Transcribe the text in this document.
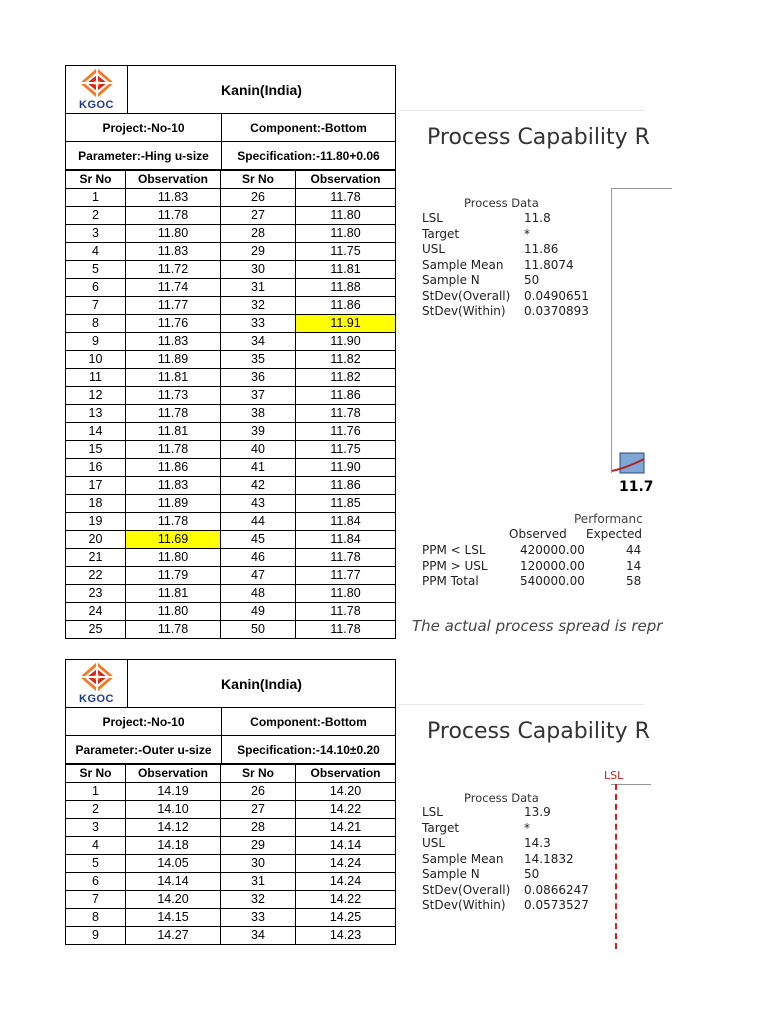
KGOC
Kanin(India)
Project:-No-10	Component:-Bottom
Parameter:-Hing u-size	Specification:-11.80+0.06
Sr No	Observation	Sr No	Observation
1	11.83	26	11.78
2	11.78	27	11.80
3	11.80	28	11.80
4	11.83	29	11.75
5	11.72	30	11.81
6	11.74	31	11.88
7	11.77	32	11.86
8	11.76	33	11.91
9	11.83	34	11.90
10	11.89	35	11.82
11	11.81	36	11.82
12	11.73	37	11.86
13	11.78	38	11.78
14	11.81	39	11.76
15	11.78	40	11.75
16	11.86	41	11.90
17	11.83	42	11.86
18	11.89	43	11.85
19	11.78	44	11.84
20	11.69	45	11.84
21	11.80	46	11.78
22	11.79	47	11.77
23	11.81	48	11.80
24	11.80	49	11.78
25	11.78	50	11.78
Process Capability R
Process Data
LSL	11.8
Target	*
USL	11.86
Sample Mean 11.8074
Sample N	50
StDev(Overall) 0.0490651
StDev(Within) 0.0370893
11.7
Performanc
Observed Expected
PPM < LSL	420000.00	44
PPM > USL	120000.00	14
PPM Total	540000.00	58
The actual process spread is repr
KGOC
Kanin(India)
Project:-No-10	Component:-Bottom
Parameter:-Outer u-size	Specification:-14.10±0.20
Sr No	Observation	Sr No	Observation
1	14.19	26	14.20
2	14.10	27	14.22
3	14.12	28	14.21
4	14.18	29	14.14
5	14.05	30	14.24
6	14.14	31	14.24
7	14.20	32	14.22
8	14.15	33	14.25
9	14.27	34	14.23
Process Capability R
LSL
Process Data
LSL	13.9
Target	*
USL	14.3
Sample Mean 14.1832
Sample N	50
StDev(Overall) 0.0866247
StDev(Within) 0.0573527
